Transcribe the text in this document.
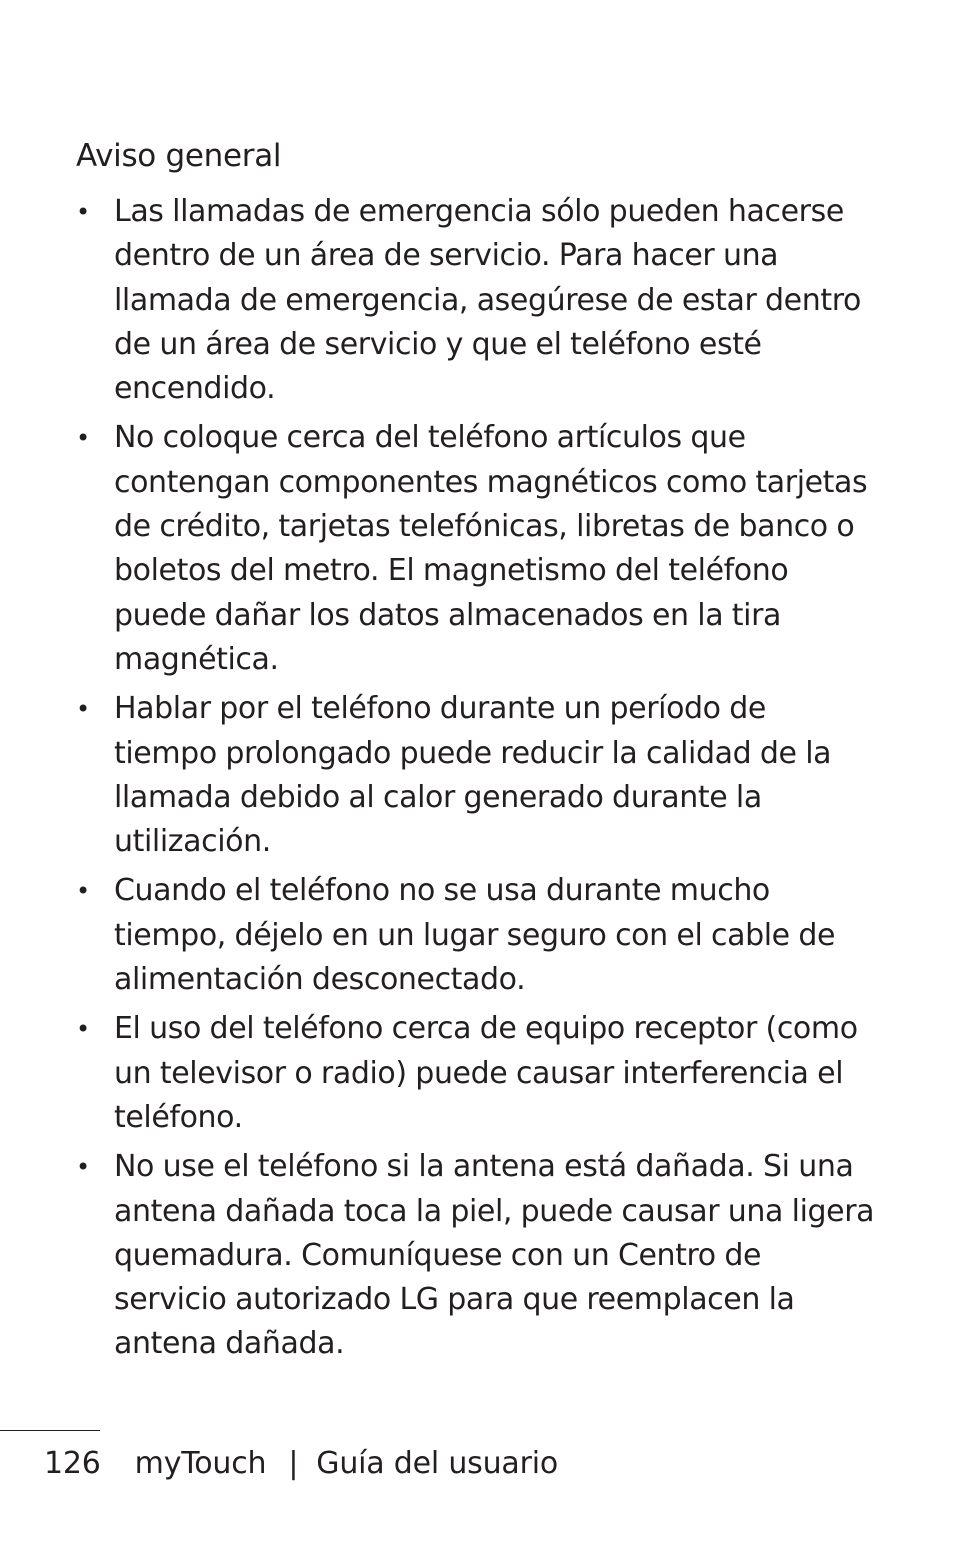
Aviso general
• Las llamadas de emergencia sólo pueden hacerse dentro de un área de servicio. Para hacer una llamada de emergencia, asegúrese de estar dentro de un área de servicio y que el teléfono esté encendido.
• No coloque cerca del teléfono artículos que contengan componentes magnéticos como tarjetas de crédito, tarjetas telefónicas, libretas de banco o boletos del metro. El magnetismo del teléfono puede dañar los datos almacenados en la tira magnética.
• Hablar por el teléfono durante un período de tiempo prolongado puede reducir la calidad de la llamada debido al calor generado durante la utilización.
• Cuando el teléfono no se usa durante mucho tiempo, déjelo en un lugar seguro con el cable de alimentación desconectado.
• El uso del teléfono cerca de equipo receptor (como un televisor o radio) puede causar interferencia el teléfono.
• No use el teléfono si la antena está dañada. Si una antena dañada toca la piel, puede causar una ligera quemadura. Comuníquese con un Centro de servicio autorizado LG para que reemplacen la antena dañada.
126 myTouch | Guía del usuario
